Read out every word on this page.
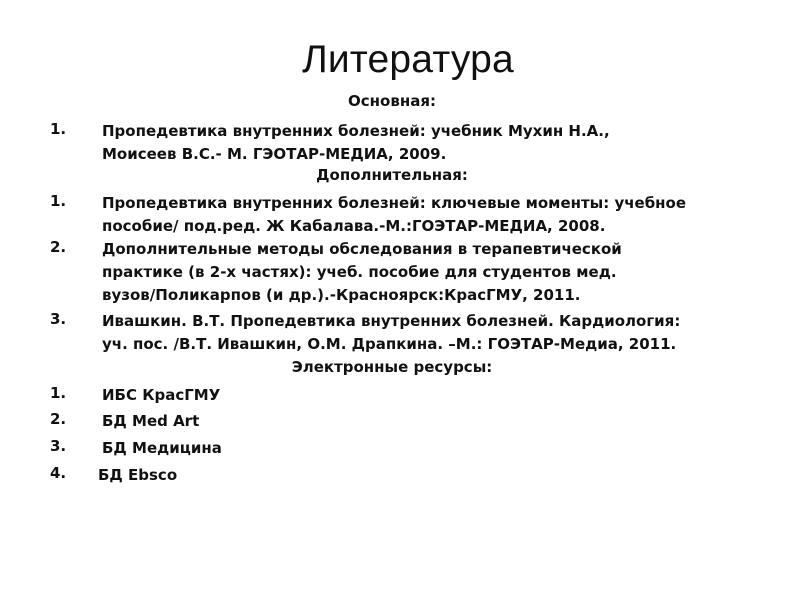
Литература
Основная:
1. Пропедевтика внутренних болезней: учебник Мухин Н.А.,
Моисеев В.С.- М. ГЭОТАР-МЕДИА, 2009.
Дополнительная:
1. Пропедевтика внутренних болезней: ключевые моменты: учебное
пособие/ под.ред. Ж Кабалава.-М.:ГОЭТАР-МЕДИА, 2008.
2. Дополнительные методы обследования в терапевтической
практике (в 2-х частях): учеб. пособие для студентов мед.
вузов/Поликарпов (и др.).-Красноярск:КрасГМУ, 2011.
3. Ивашкин. В.Т. Пропедевтика внутренних болезней. Кардиология:
уч. пос. /В.Т. Ивашкин, О.М. Драпкина. –М.: ГОЭТАР-Медиа, 2011.
Электронные ресурсы:
1. ИБС КрасГМУ
2. БД Med Art
3. БД Медицина
4. БД Ebsco
